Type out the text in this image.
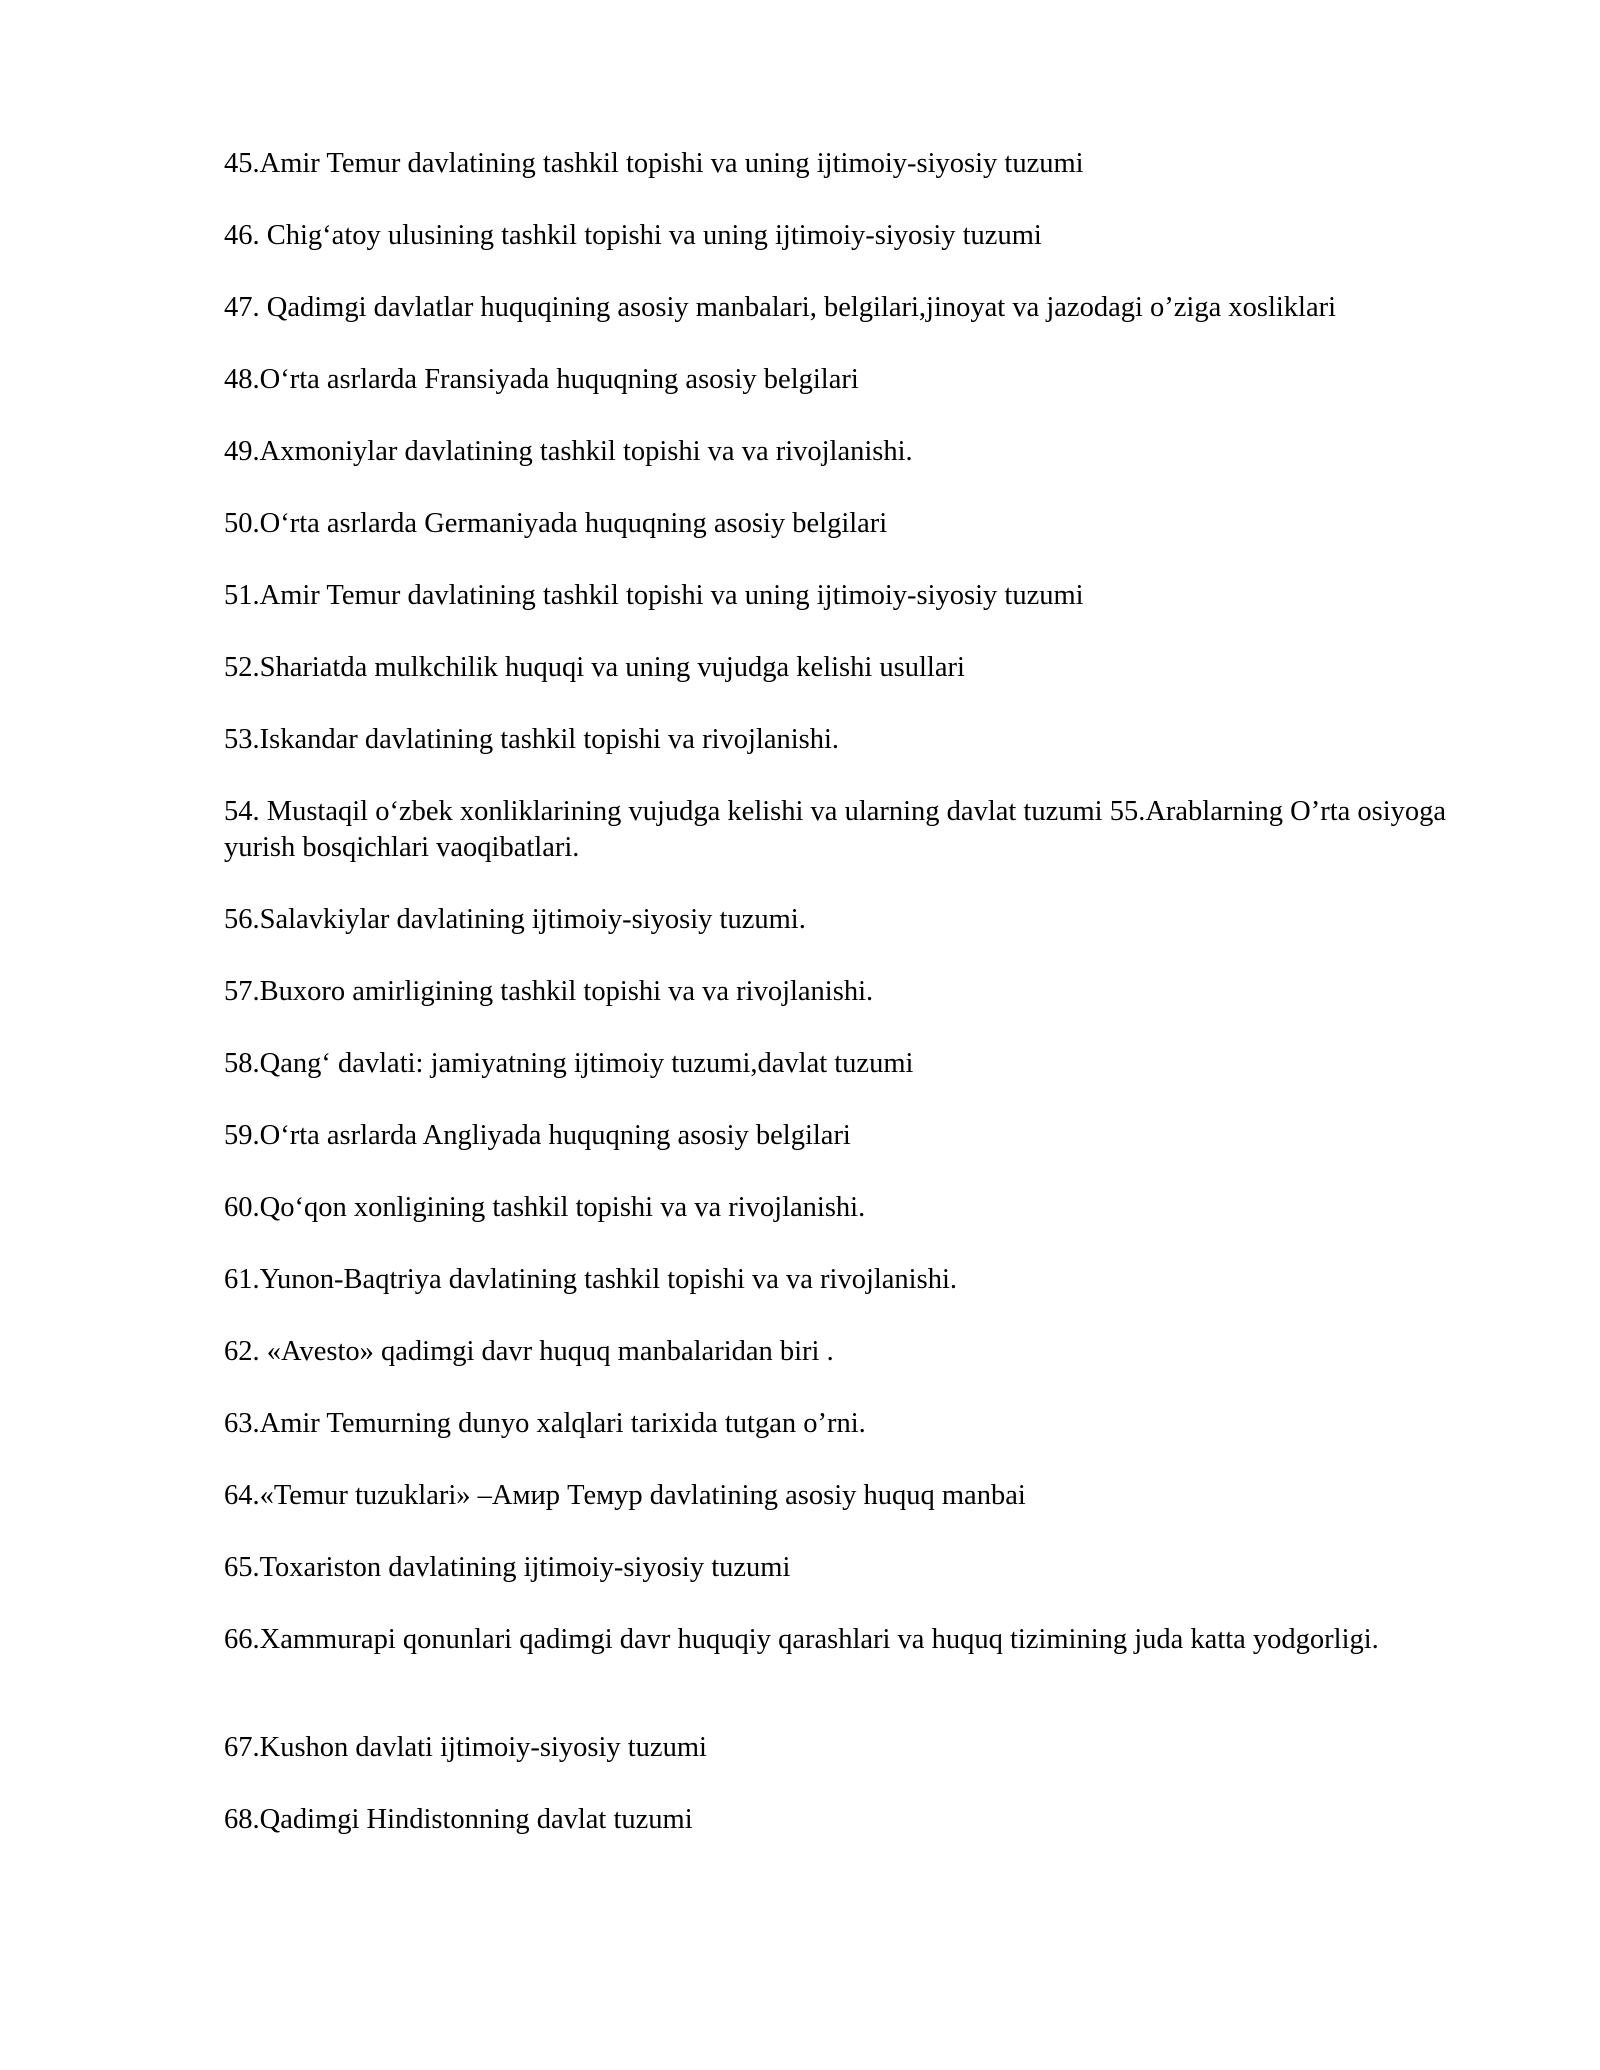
45.Amir Temur davlatining tashkil topishi va uning ijtimoiy-siyosiy tuzumi

46. Chig‘atoy ulusining tashkil topishi va uning ijtimoiy-siyosiy tuzumi

47. Qadimgi davlatlar huquqining asosiy manbalari, belgilari,jinoyat va jazodagi o’ziga xosliklari

48.O‘rta asrlarda Fransiyada huquqning asosiy belgilari

49.Axmoniylar davlatining tashkil topishi va va rivojlanishi.

50.O‘rta asrlarda Germaniyada huquqning asosiy belgilari

51.Amir Temur davlatining tashkil topishi va uning ijtimoiy-siyosiy tuzumi

52.Shariatda mulkchilik huquqi va uning vujudga kelishi usullari

53.Iskandar davlatining tashkil topishi va rivojlanishi.

54. Mustaqil o‘zbek xonliklarining vujudga kelishi va ularning davlat tuzumi 55.Arablarning O’rta osiyoga yurish bosqichlari vaoqibatlari.

56.Salavkiylar davlatining ijtimoiy-siyosiy tuzumi.

57.Buxoro amirligining tashkil topishi va va rivojlanishi.

58.Qang‘ davlati: jamiyatning ijtimoiy tuzumi,davlat tuzumi

59.O‘rta asrlarda Angliyada huquqning asosiy belgilari

60.Qo‘qon xonligining tashkil topishi va va rivojlanishi.

61.Yunon-Baqtriya davlatining tashkil topishi va va rivojlanishi.

62. «Avesto» qadimgi davr huquq manbalaridan biri .

63.Amir Temurning dunyo xalqlari tarixida tutgan o’rni.

64.«Temur tuzuklari» –Амир Темур davlatining asosiy huquq manbai

65.Toxariston davlatining ijtimoiy-siyosiy tuzumi

66.Xammurapi qonunlari qadimgi davr huquqiy qarashlari va huquq tizimining juda katta yodgorligi.

67.Kushon davlati ijtimoiy-siyosiy tuzumi

68.Qadimgi Hindistonning davlat tuzumi
